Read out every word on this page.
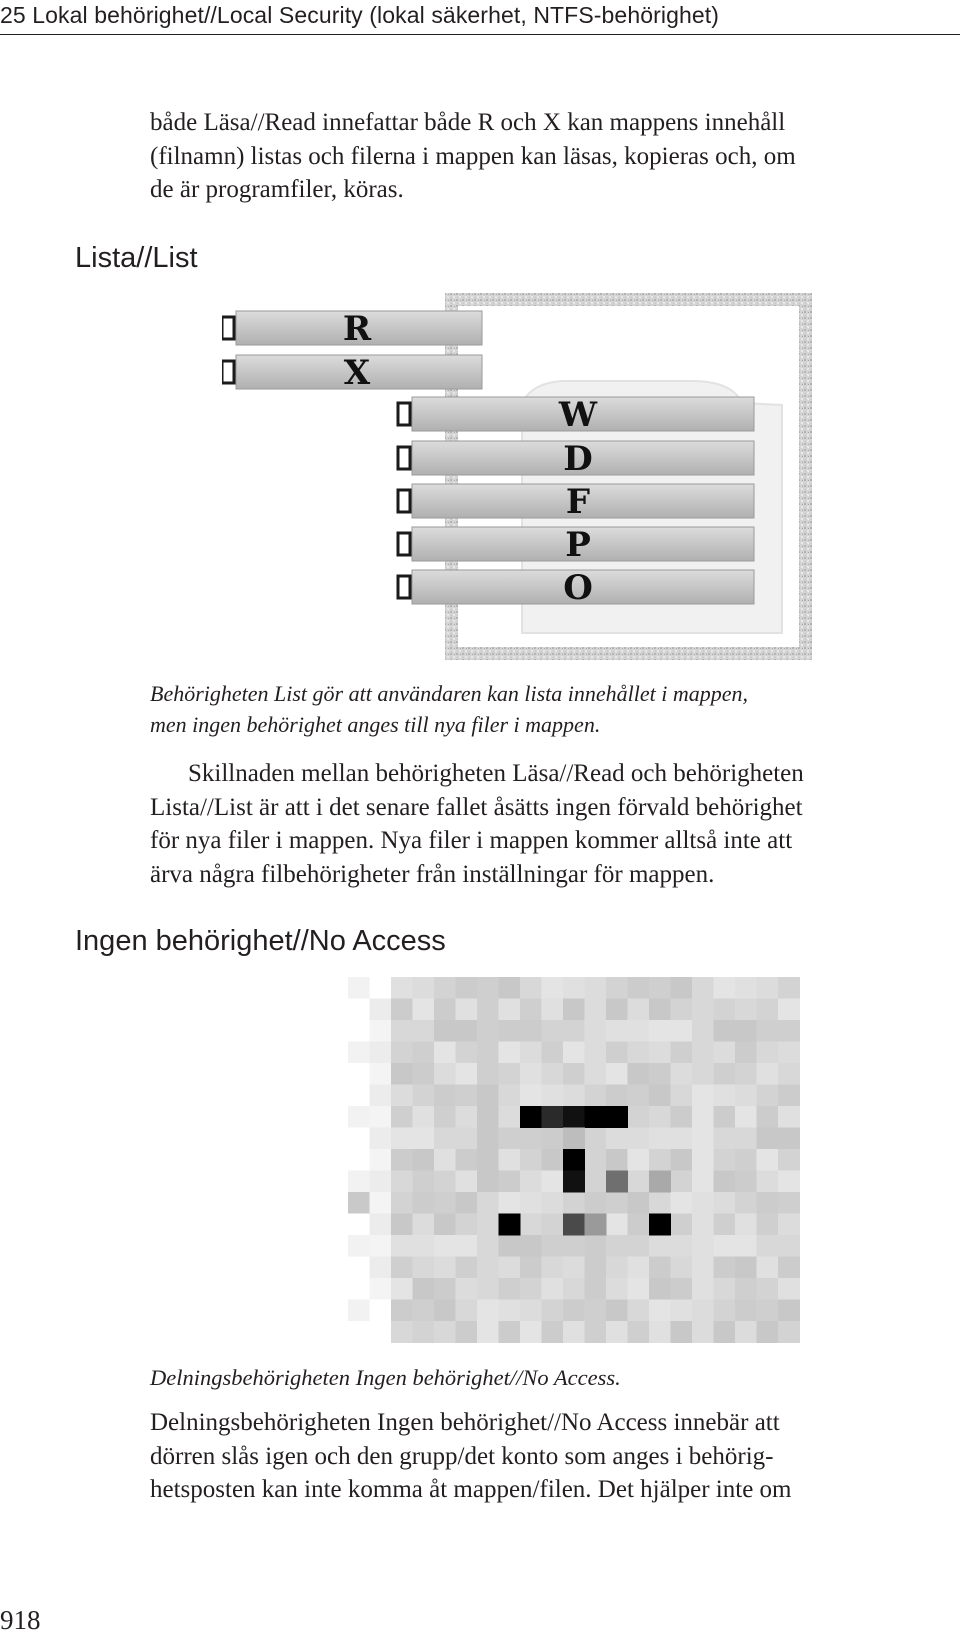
25 Lokal behörighet//Local Security (lokal säkerhet, NTFS-behörighet)
både Läsa//Read innefattar både R och X kan mappens innehåll
(filnamn) listas och filerna i mappen kan läsas, kopieras och, om
de är programfiler, köras.
Lista//List
R
X
W
D
F
P
O
Behörigheten List gör att användaren kan lista innehållet i mappen,
men ingen behörighet anges till nya filer i mappen.
Skillnaden mellan behörigheten Läsa//Read och behörigheten
Lista//List är att i det senare fallet åsätts ingen förvald behörighet
för nya filer i mappen. Nya filer i mappen kommer alltså inte att
ärva några filbehörigheter från inställningar för mappen.
Ingen behörighet//No Access
Delningsbehörigheten Ingen behörighet//No Access.
Delningsbehörigheten Ingen behörighet//No Access innebär att
dörren slås igen och den grupp/det konto som anges i behörig-
hetsposten kan inte komma åt mappen/filen. Det hjälper inte om
918
